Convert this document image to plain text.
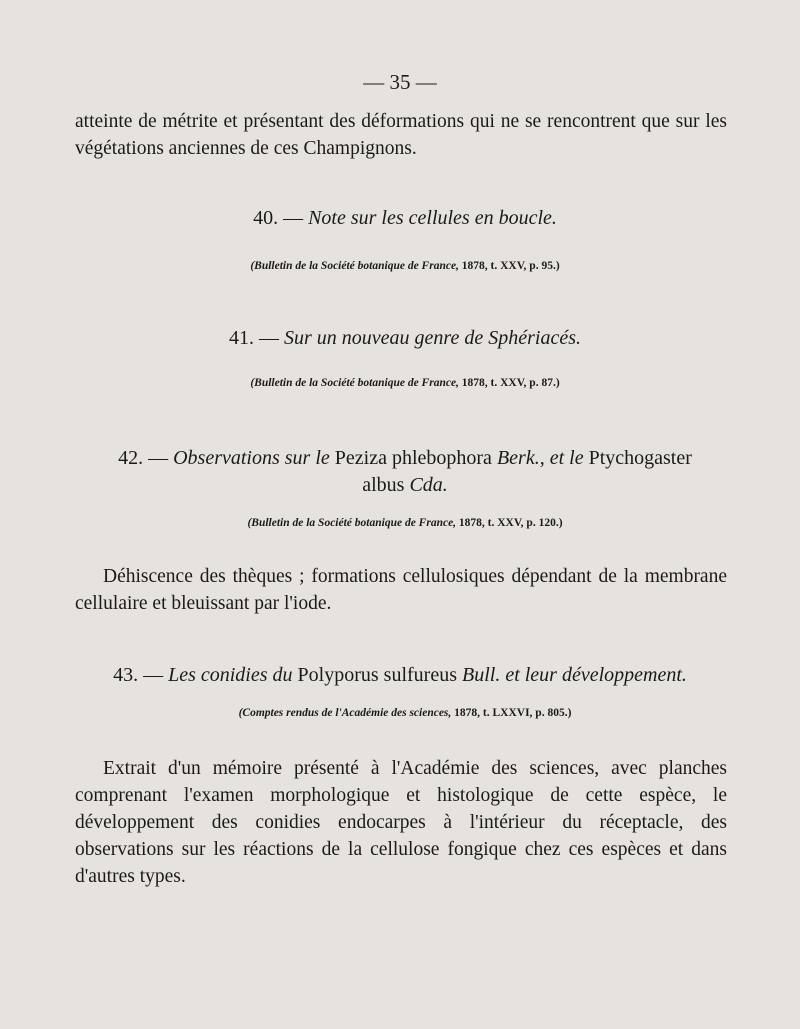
— 35 —
atteinte de métrite et présentant des déformations qui ne se rencontrent que sur les végétations anciennes de ces Champignons.
40. — Note sur les cellules en boucle.
(Bulletin de la Société botanique de France, 1878, t. XXV, p. 95.)
41. — Sur un nouveau genre de Sphériacés.
(Bulletin de la Société botanique de France, 1878, t. XXV, p. 87.)
42. — Observations sur le Peziza phlebophora Berk., et le Ptychogaster
albus Cda.
(Bulletin de la Société botanique de France, 1878, t. XXV, p. 120.)
Déhiscence des thèques ; formations cellulosiques dépendant de la membrane cellulaire et bleuissant par l'iode.
43. — Les conidies du Polyporus sulfureus Bull. et leur développement.
(Comptes rendus de l'Académie des sciences, 1878, t. LXXVI, p. 805.)
Extrait d'un mémoire présenté à l'Académie des sciences, avec planches comprenant l'examen morphologique et histologique de cette espèce, le développement des conidies endocarpes à l'intérieur du réceptacle, des observations sur les réactions de la cellulose fongique chez ces espèces et dans d'autres types.
